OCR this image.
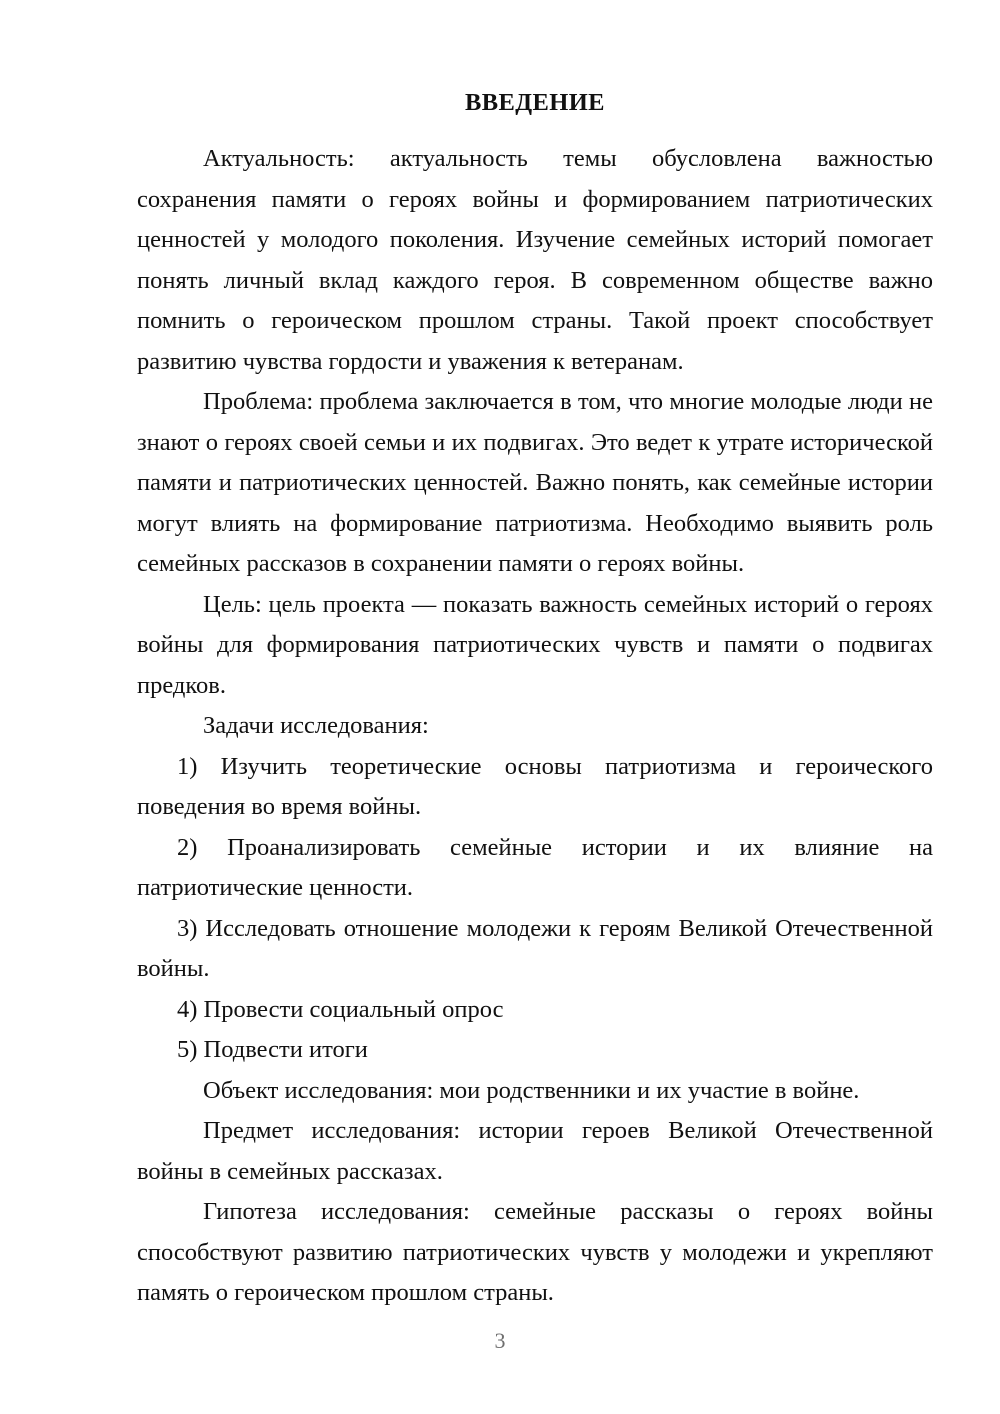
ВВЕДЕНИЕ

Актуальность: актуальность темы обусловлена важностью сохранения памяти о героях войны и формированием патриотических ценностей у молодого поколения. Изучение семейных историй помогает понять личный вклад каждого героя. В современном обществе важно помнить о героическом прошлом страны. Такой проект способствует развитию чувства гордости и уважения к ветеранам.

Проблема: проблема заключается в том, что многие молодые люди не знают о героях своей семьи и их подвигах. Это ведет к утрате исторической памяти и патриотических ценностей. Важно понять, как семейные истории могут влиять на формирование патриотизма. Необходимо выявить роль семейных рассказов в сохранении памяти о героях войны.

Цель: цель проекта — показать важность семейных историй о героях войны для формирования патриотических чувств и памяти о подвигах предков.

Задачи исследования:

1) Изучить теоретические основы патриотизма и героического поведения во время войны.

2) Проанализировать семейные истории и их влияние на патриотические ценности.

3) Исследовать отношение молодежи к героям Великой Отечественной войны.

4) Провести социальный опрос

5) Подвести итоги

Объект исследования: мои родственники и их участие в войне.

Предмет исследования: истории героев Великой Отечественной войны в семейных рассказах.

Гипотеза исследования: семейные рассказы о героях войны способствуют развитию патриотических чувств у молодежи и укрепляют память о героическом прошлом страны.

3
